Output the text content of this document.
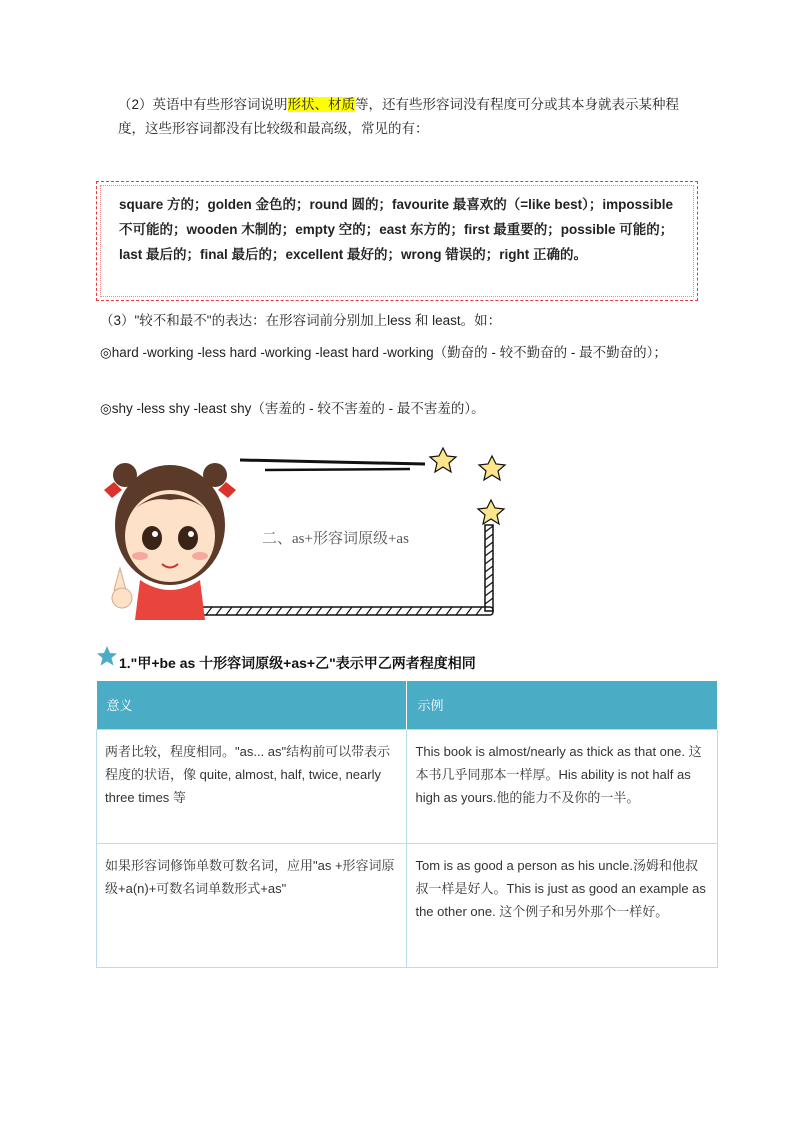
（2）英语中有些形容词说明形状、材质等，还有些形容词没有程度可分或其本身就表示某种程度，这些形容词都没有比较级和最高级，常见的有：
square 方的；golden 金色的；round 圆的；favourite 最喜欢的（=like best）；impossible 不可能的；wooden 木制的；empty 空的；east 东方的；first 最重要的；possible 可能的；last 最后的；final 最后的；excellent 最好的；wrong 错误的；right 正确的。
（3）"较不和最不"的表达：在形容词前分别加上less 和 least。如：
◎hard -working -less hard -working -least hard -working（勤奋的 - 较不勤奋的 - 最不勤奋的）；
◎shy -less shy -least shy（害羞的 - 较不害羞的 - 最不害羞的）。
二、as+形容词原级+as
1."甲+be as 十形容词原级+as+乙"表示甲乙两者程度相同
意义	示例
两者比较，程度相同。"as... as"结构前可以带表示程度的状语，像 quite, almost, half, twice, nearly three times 等	This book is almost/nearly as thick as that one. 这本书几乎同那本一样厚。His ability is not half as high as yours.他的能力不及你的一半。
如果形容词修饰单数可数名词，应用"as +形容词原级+a(n)+可数名词单数形式+as"	Tom is as good a person as his uncle.汤姆和他叔叔一样是好人。This is just as good an example as the other one. 这个例子和另外那个一样好。
